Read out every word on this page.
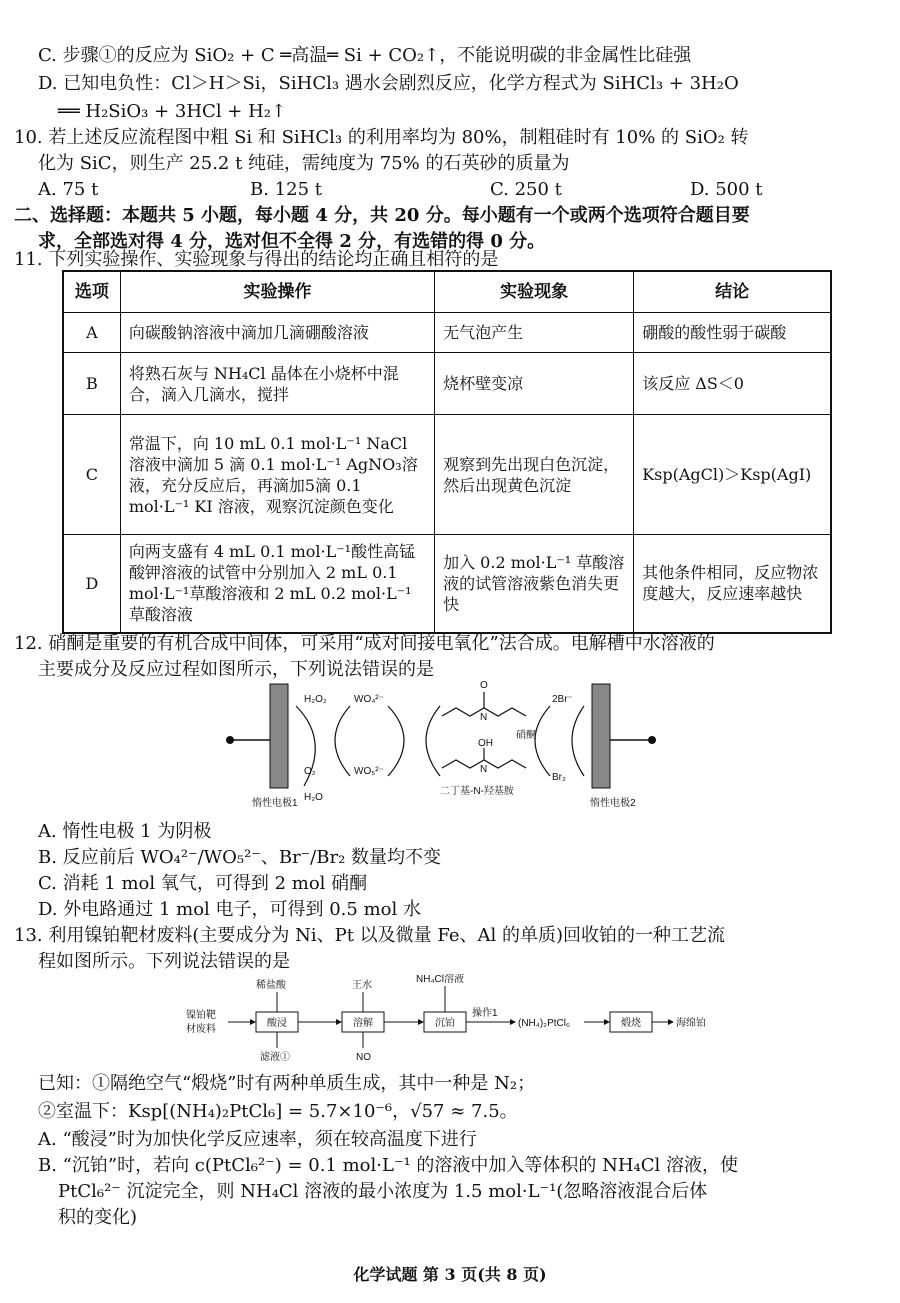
C. 步骤①的反应为 SiO₂ + C ═高温═ Si + CO₂↑，不能说明碳的非金属性比硅强
D. 已知电负性：Cl＞H＞Si，SiHCl₃ 遇水会剧烈反应，化学方程式为 SiHCl₃ + 3H₂O
══ H₂SiO₃ + 3HCl + H₂↑
10. 若上述反应流程图中粗 Si 和 SiHCl₃ 的利用率均为 80%，制粗硅时有 10% 的 SiO₂ 转
化为 SiC，则生产 25.2 t 纯硅，需纯度为 75% 的石英砂的质量为
A. 75 t	B. 125 t	C. 250 t	D. 500 t
二、选择题：本题共 5 小题，每小题 4 分，共 20 分。每小题有一个或两个选项符合题目要
求，全部选对得 4 分，选对但不全得 2 分，有选错的得 0 分。
11. 下列实验操作、实验现象与得出的结论均正确且相符的是
选项	实验操作	实验现象	结论
A	向碳酸钠溶液中滴加几滴硼酸溶液	无气泡产生	硼酸的酸性弱于碳酸
B	将熟石灰与 NH₄Cl 晶体在小烧杯中混合，滴入几滴水，搅拌	烧杯壁变凉	该反应 ΔS＜0
C	常温下，向 10 mL 0.1 mol·L⁻¹ NaCl 溶液中滴加 5 滴 0.1 mol·L⁻¹ AgNO₃溶液，充分反应后，再滴加5滴 0.1 mol·L⁻¹ KI 溶液，观察沉淀颜色变化	观察到先出现白色沉淀，然后出现黄色沉淀	Ksp(AgCl)＞Ksp(AgI)
D	向两支盛有 4 mL 0.1 mol·L⁻¹酸性高锰酸钾溶液的试管中分别加入 2 mL 0.1 mol·L⁻¹草酸溶液和 2 mL 0.2 mol·L⁻¹草酸溶液	加入 0.2 mol·L⁻¹ 草酸溶液的试管溶液紫色消失更快	其他条件相同，反应物浓度越大，反应速率越快
12. 硝酮是重要的有机合成中间体，可采用“成对间接电氧化”法合成。电解槽中水溶液的
主要成分及反应过程如图所示，下列说法错误的是
O
N
OH
N
H₂O₂
O₂
H₂O
WO₄²⁻
WO₅²⁻
2Br⁻
Br₂
硝酮
二丁基-N-羟基胺
惰性电极1	惰性电极2
A. 惰性电极 1 为阴极
B. 反应前后 WO₄²⁻/WO₅²⁻、Br⁻/Br₂ 数量均不变
C. 消耗 1 mol 氧气，可得到 2 mol 硝酮
D. 外电路通过 1 mol 电子，可得到 0.5 mol 水
13. 利用镍铂靶材废料(主要成分为 Ni、Pt 以及微量 Fe、Al 的单质)回收铂的一种工艺流
程如图所示。下列说法错误的是
镍铂靶
材废料
酸浸
稀盐酸
滤液①
溶解
王水
NO
沉铂
NH₄Cl溶液
操作1
(NH₄)₂PtCl₆	煅烧	海绵铂
已知：①隔绝空气“煅烧”时有两种单质生成，其中一种是 N₂；
②室温下：Ksp[(NH₄)₂PtCl₆] = 5.7×10⁻⁶，√57 ≈ 7.5。
A. “酸浸”时为加快化学反应速率，须在较高温度下进行
B. “沉铂”时，若向 c(PtCl₆²⁻) = 0.1 mol·L⁻¹ 的溶液中加入等体积的 NH₄Cl 溶液，使
PtCl₆²⁻ 沉淀完全，则 NH₄Cl 溶液的最小浓度为 1.5 mol·L⁻¹(忽略溶液混合后体
积的变化)
化学试题 第 3 页(共 8 页)
